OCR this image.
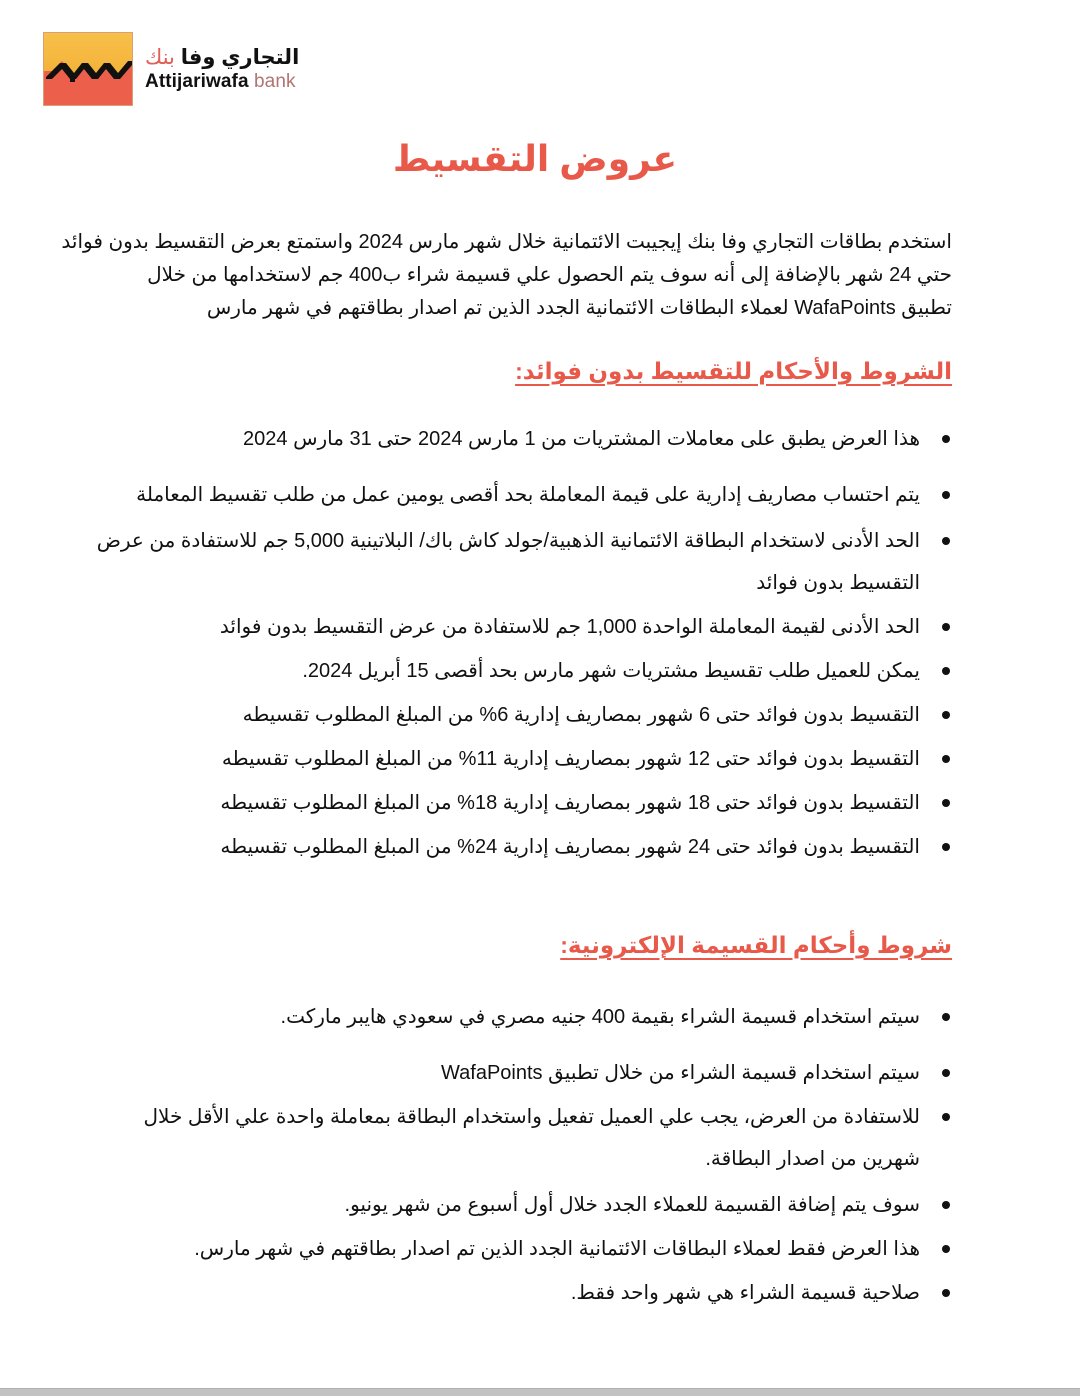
التجاري وفا بنك
Attijariwafa bank
عروض التقسيط

استخدم بطاقات التجاري وفا بنك إيجيبت الائتمانية خلال شهر مارس 2024 واستمتع بعرض التقسيط بدون فوائد

حتي 24 شهر بالإضافة إلى أنه سوف يتم الحصول علي قسيمة شراء ب400 جم لاستخدامها من خلال

تطبيق WafaPoints لعملاء البطاقات الائتمانية الجدد الذين تم اصدار بطاقتهم في شهر مارس

الشروط والأحكام للتقسيط بدون فوائد:
هذا العرض يطبق على معاملات المشتريات من 1 مارس 2024 حتى 31 مارس 2024
يتم احتساب مصاريف إدارية على قيمة المعاملة بحد أقصى يومين عمل من طلب تقسيط المعاملة
الحد الأدنى لاستخدام البطاقة الائتمانية الذهبية/جولد كاش باك/ البلاتينية 5,000 جم للاستفادة من عرض التقسيط بدون فوائد
الحد الأدنى لقيمة المعاملة الواحدة 1,000 جم للاستفادة من عرض التقسيط بدون فوائد
يمكن للعميل طلب تقسيط مشتريات شهر مارس بحد أقصى 15 أبريل 2024.
التقسيط بدون فوائد حتى 6 شهور بمصاريف إدارية 6% من المبلغ المطلوب تقسيطه
التقسيط بدون فوائد حتى 12 شهور بمصاريف إدارية 11% من المبلغ المطلوب تقسيطه
التقسيط بدون فوائد حتى 18 شهور بمصاريف إدارية 18% من المبلغ المطلوب تقسيطه
التقسيط بدون فوائد حتى 24 شهور بمصاريف إدارية 24% من المبلغ المطلوب تقسيطه
شروط وأحكام القسيمة الإلكترونية:
سيتم استخدام قسيمة الشراء بقيمة 400 جنيه مصري في سعودي هايبر ماركت.
سيتم استخدام قسيمة الشراء من خلال تطبيق WafaPoints
للاستفادة من العرض، يجب علي العميل تفعيل واستخدام البطاقة بمعاملة واحدة علي الأقل خلال شهرين من اصدار البطاقة.
سوف يتم إضافة القسيمة للعملاء الجدد خلال أول أسبوع من شهر يونيو.
هذا العرض فقط لعملاء البطاقات الائتمانية الجدد الذين تم اصدار بطاقتهم في شهر مارس.
صلاحية قسيمة الشراء هي شهر واحد فقط.
